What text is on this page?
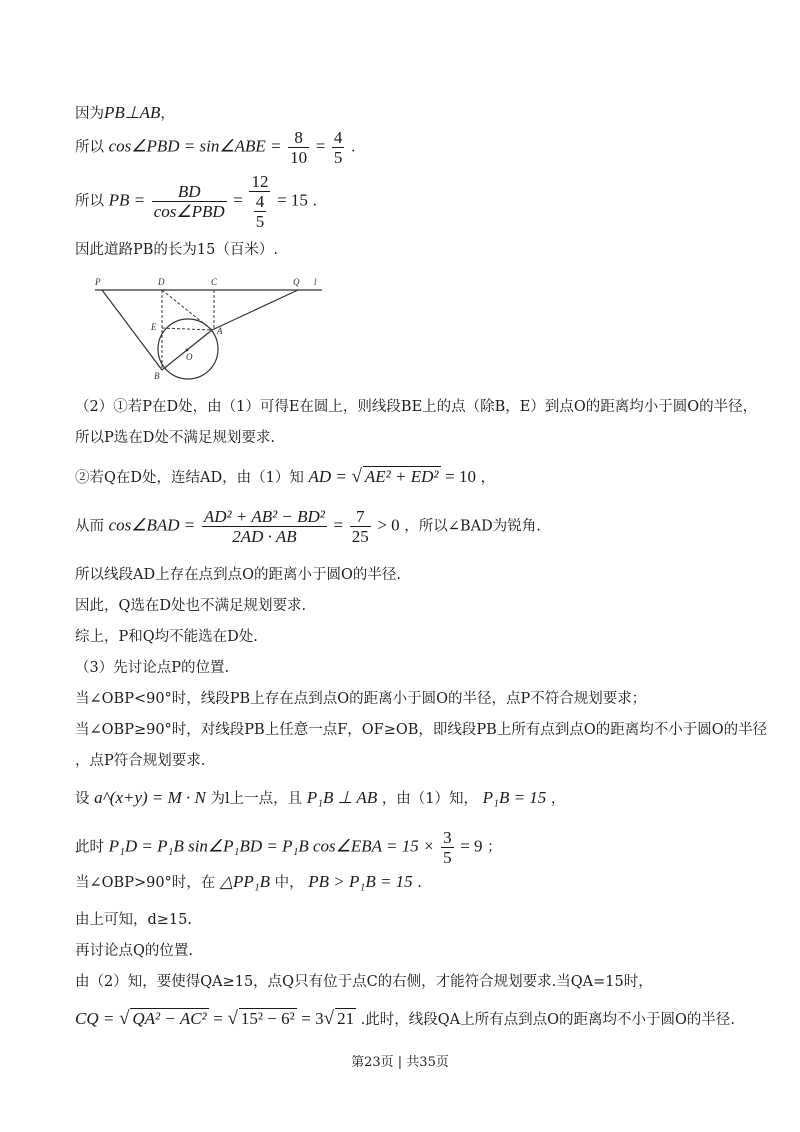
因为PB⊥AB，
所以 cos∠PBD = sin∠ABE = $\frac{8}{10} = \frac{4}{5}$ .
所以 PB = $\frac{BD}{\text{cos∠PBD}} = \frac{12}{\frac{4}{5}} = 15$ .
因此道路PB的长为15（百米）.
P	D	C	Q l
E	A
O
B
（2）①若P在D处，由（1）可得E在圆上，则线段BE上的点（除B，E）到点O的距离均小于圆O的半径，
所以P选在D处不满足规划要求.
②若Q在D处，连结AD，由（1）知 AD = √ AE² + ED² = 10 ，
从而 cos∠BAD = $\frac{\text{AD² + AB² − BD²}}{2AD \cdot AB} = \frac{7}{25} > 0$ ，所以∠BAD为锐角.
所以线段AD上存在点到点O的距离小于圆O的半径.
因此，Q选在D处也不满足规划要求.
综上，P和Q均不能选在D处.
（3）先讨论点P的位置.
当∠OBP<90°时，线段PB上存在点到点O的距离小于圆O的半径，点P不符合规划要求；
当∠OBP≥90°时，对线段PB上任意一点F，OF≥OB，即线段PB上所有点到点O的距离均不小于圆O的半径
，点P符合规划要求.
设 a^(x+y) = M · N 为l上一点，且 P₁B ⊥ AB ，由（1）知， P₁B = 15 ，
此时 P₁D = P₁B sin∠P₁BD = P₁B cos∠EBA = $15 \times \frac{3}{5} = 9$ ；
当∠OBP>90°时，在 △PP₁B 中， PB > P₁B = 15 .
由上可知，d≥15.
再讨论点Q的位置.
由（2）知，要使得QA≥15，点Q只有位于点C的右侧，才能符合规划要求.当QA=15时，
CQ = √ QA² − AC² = √ 15² − 6² = 3√ 21 .此时，线段QA上所有点到点O的距离均不小于圆O的半径.
第23页 | 共35页
